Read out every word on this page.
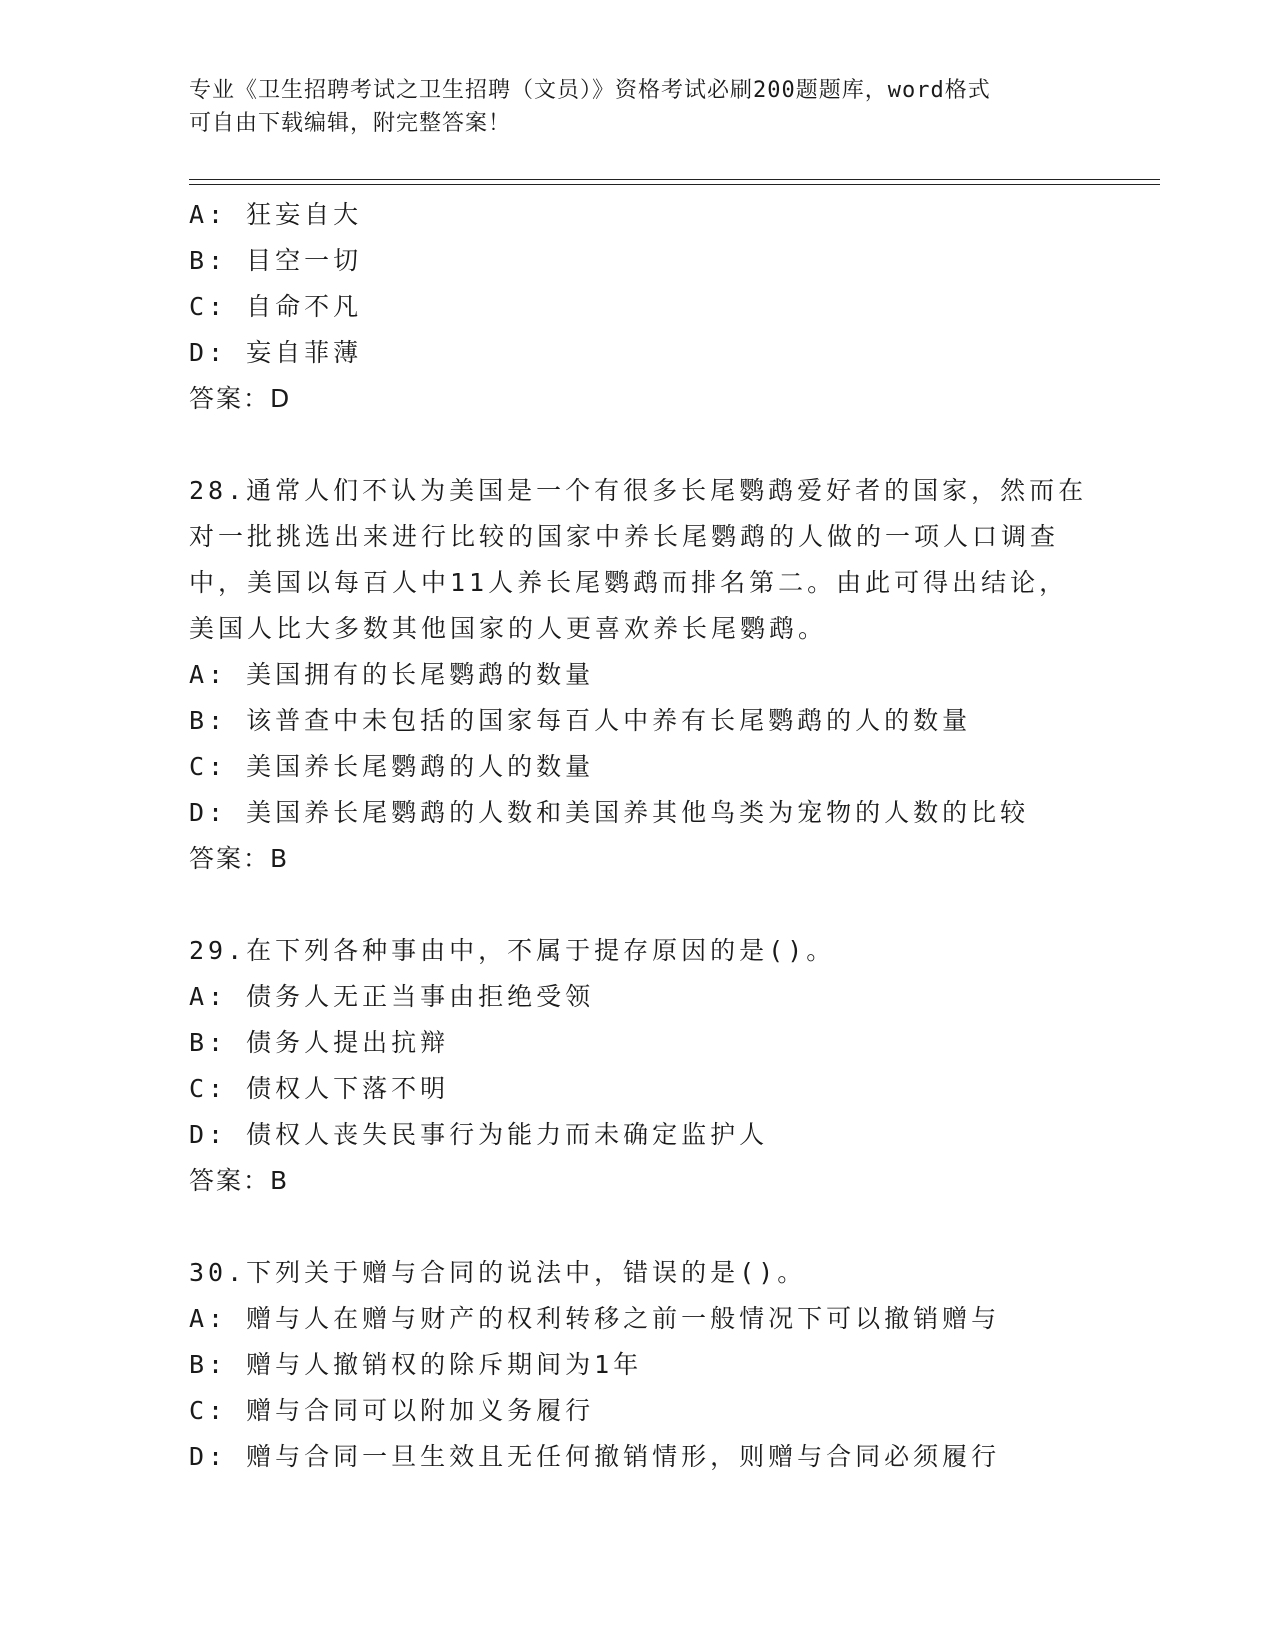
专业《卫生招聘考试之卫生招聘（文员）》资格考试必刷200题题库，word格式
可自由下载编辑，附完整答案！
A: 狂妄自大
B: 目空一切
C: 自命不凡
D: 妄自菲薄
答案：D
28.通常人们不认为美国是一个有很多长尾鹦鹉爱好者的国家，然而在
对一批挑选出来进行比较的国家中养长尾鹦鹉的人做的一项人口调查
中，美国以每百人中11人养长尾鹦鹉而排名第二。由此可得出结论，
美国人比大多数其他国家的人更喜欢养长尾鹦鹉。
A: 美国拥有的长尾鹦鹉的数量
B: 该普查中未包括的国家每百人中养有长尾鹦鹉的人的数量
C: 美国养长尾鹦鹉的人的数量
D: 美国养长尾鹦鹉的人数和美国养其他鸟类为宠物的人数的比较
答案：B
29.在下列各种事由中，不属于提存原因的是()。
A: 债务人无正当事由拒绝受领
B: 债务人提出抗辩
C: 债权人下落不明
D: 债权人丧失民事行为能力而未确定监护人
答案：B
30.下列关于赠与合同的说法中，错误的是()。
A: 赠与人在赠与财产的权利转移之前一般情况下可以撤销赠与
B: 赠与人撤销权的除斥期间为1年
C: 赠与合同可以附加义务履行
D: 赠与合同一旦生效且无任何撤销情形，则赠与合同必须履行
